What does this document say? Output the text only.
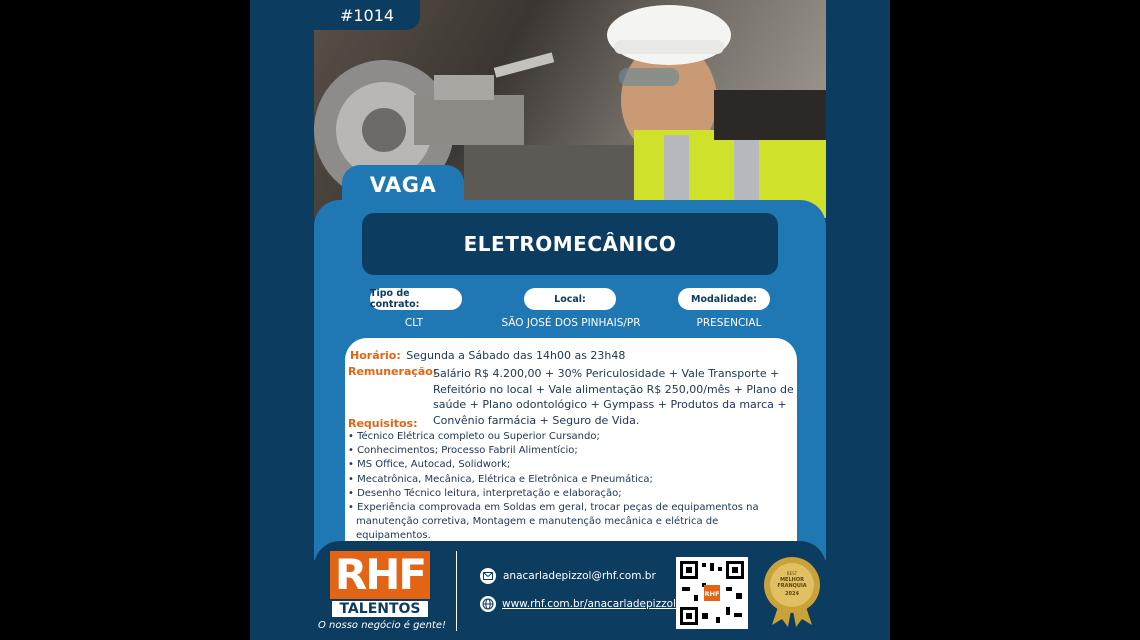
#1014
VAGA
ELETROMECÂNICO
Tipo de contrato:	Local:	Modalidade:
CLT	SÃO JOSÉ DOS PINHAIS/PR	PRESENCIAL
Horário: Segunda a Sábado das 14h00 as 23h48
Remuneração:
Salário R$ 4.200,00 + 30% Periculosidade + Vale Transporte +
Refeitório no local + Vale alimentação R$ 250,00/mês + Plano de
saúde + Plano odontológico + Gympass + Produtos da marca +
Convênio farmácia + Seguro de Vida.
Requisitos:
• Técnico Elétrica completo ou Superior Cursando;
• Conhecimentos; Processo Fabril Alimentício;
• MS Office, Autocad, Solidwork;
• Mecatrônica, Mecânica, Elétrica e Eletrônica e Pneumática;
• Desenho Técnico leitura, interpretação e elaboração;
• Experiência comprovada em Soldas em geral, trocar peças de equipamentos na
manutenção corretiva, Montagem e manutenção mecânica e elétrica de
equipamentos.
RHF
TALENTOS
O nosso negócio é gente!
anacarladepizzol@rhf.com.br
www.rhf.com.br/anacarladepizzol
RHF
BEST
MELHOR
FRANQUIA
2024
